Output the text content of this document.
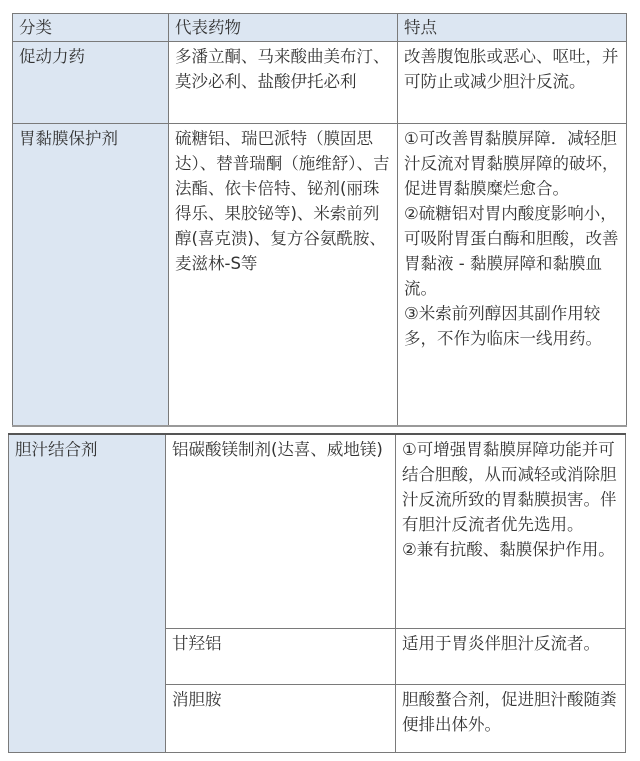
分类	代表药物	特点
促动力药	多潘立酮、马来酸曲美布汀、莫沙必利、盐酸伊托必利	改善腹饱胀或恶心、呕吐，并可防止或减少胆汁反流。
胃黏膜保护剂	硫糖铝、瑞巴派特（膜固思达）、替普瑞酮（施维舒）、吉法酯、依卡倍特、铋剂(丽珠得乐、果胶铋等)、米索前列醇(喜克溃)、复方谷氨酰胺、麦滋林-S等	①可改善胃黏膜屏障．减轻胆汁反流对胃黏膜屏障的破坏，促进胃黏膜糜烂愈合。
②硫糖铝对胃内酸度影响小，可吸附胃蛋白酶和胆酸，改善胃黏液 - 黏膜屏障和黏膜血流。
③米索前列醇因其副作用较多，不作为临床一线用药。
胆汁结合剂	铝碳酸镁制剂(达喜、威地镁)	①可增强胃黏膜屏障功能并可结合胆酸，从而减轻或消除胆汁反流所致的胃黏膜损害。伴有胆汁反流者优先选用。
②兼有抗酸、黏膜保护作用。

	甘羟铝	适用于胃炎伴胆汁反流者。
	消胆胺	胆酸螯合剂，促进胆汁酸随粪便排出体外。
